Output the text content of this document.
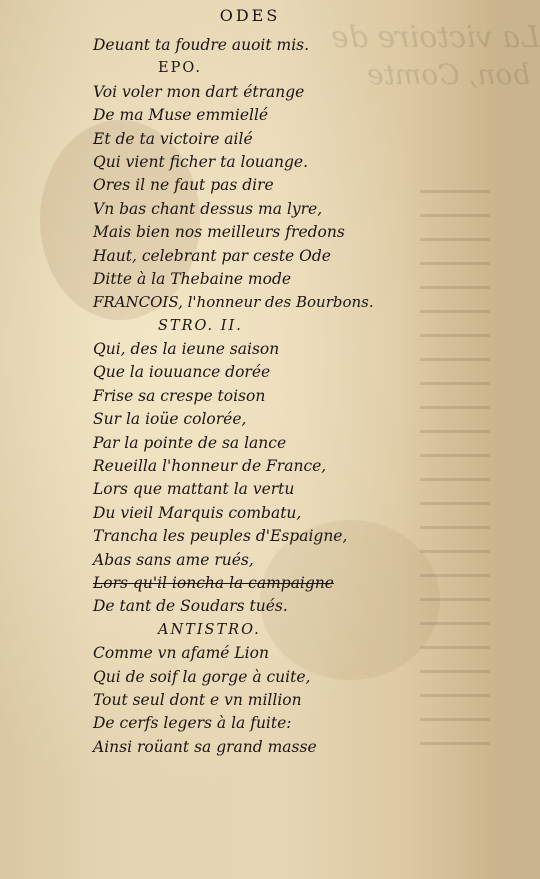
La victoire de
bon, Comte
ODES
Deuant ta foudre auoit mis.
EPO.
Voi voler mon dart étrange
De ma Muse emmiellé
Et de ta victoire ailé
Qui vient ficher ta louange.
Ores il ne faut pas dire
Vn bas chant dessus ma lyre,
Mais bien nos meilleurs fredons
Haut, celebrant par ceste Ode
Ditte à la Thebaine mode
FRANCOIS, l'honneur des Bourbons.
STRO. II.
Qui, des la ieune saison
Que la iouuance dorée
Frise sa crespe toison
Sur la ioüe colorée,
Par la pointe de sa lance
Reueilla l'honneur de France,
Lors que mattant la vertu
Du vieil Marquis combatu,
Trancha les peuples d'Espaigne,
Abas sans ame rués,
Lors qu'il ioncha la campaigne
De tant de Soudars tués.
ANTISTRO.
Comme vn afamé Lion
Qui de soif la gorge à cuite,
Tout seul dont e vn million
De cerfs legers à la fuite:
Ainsi roüant sa grand masse
